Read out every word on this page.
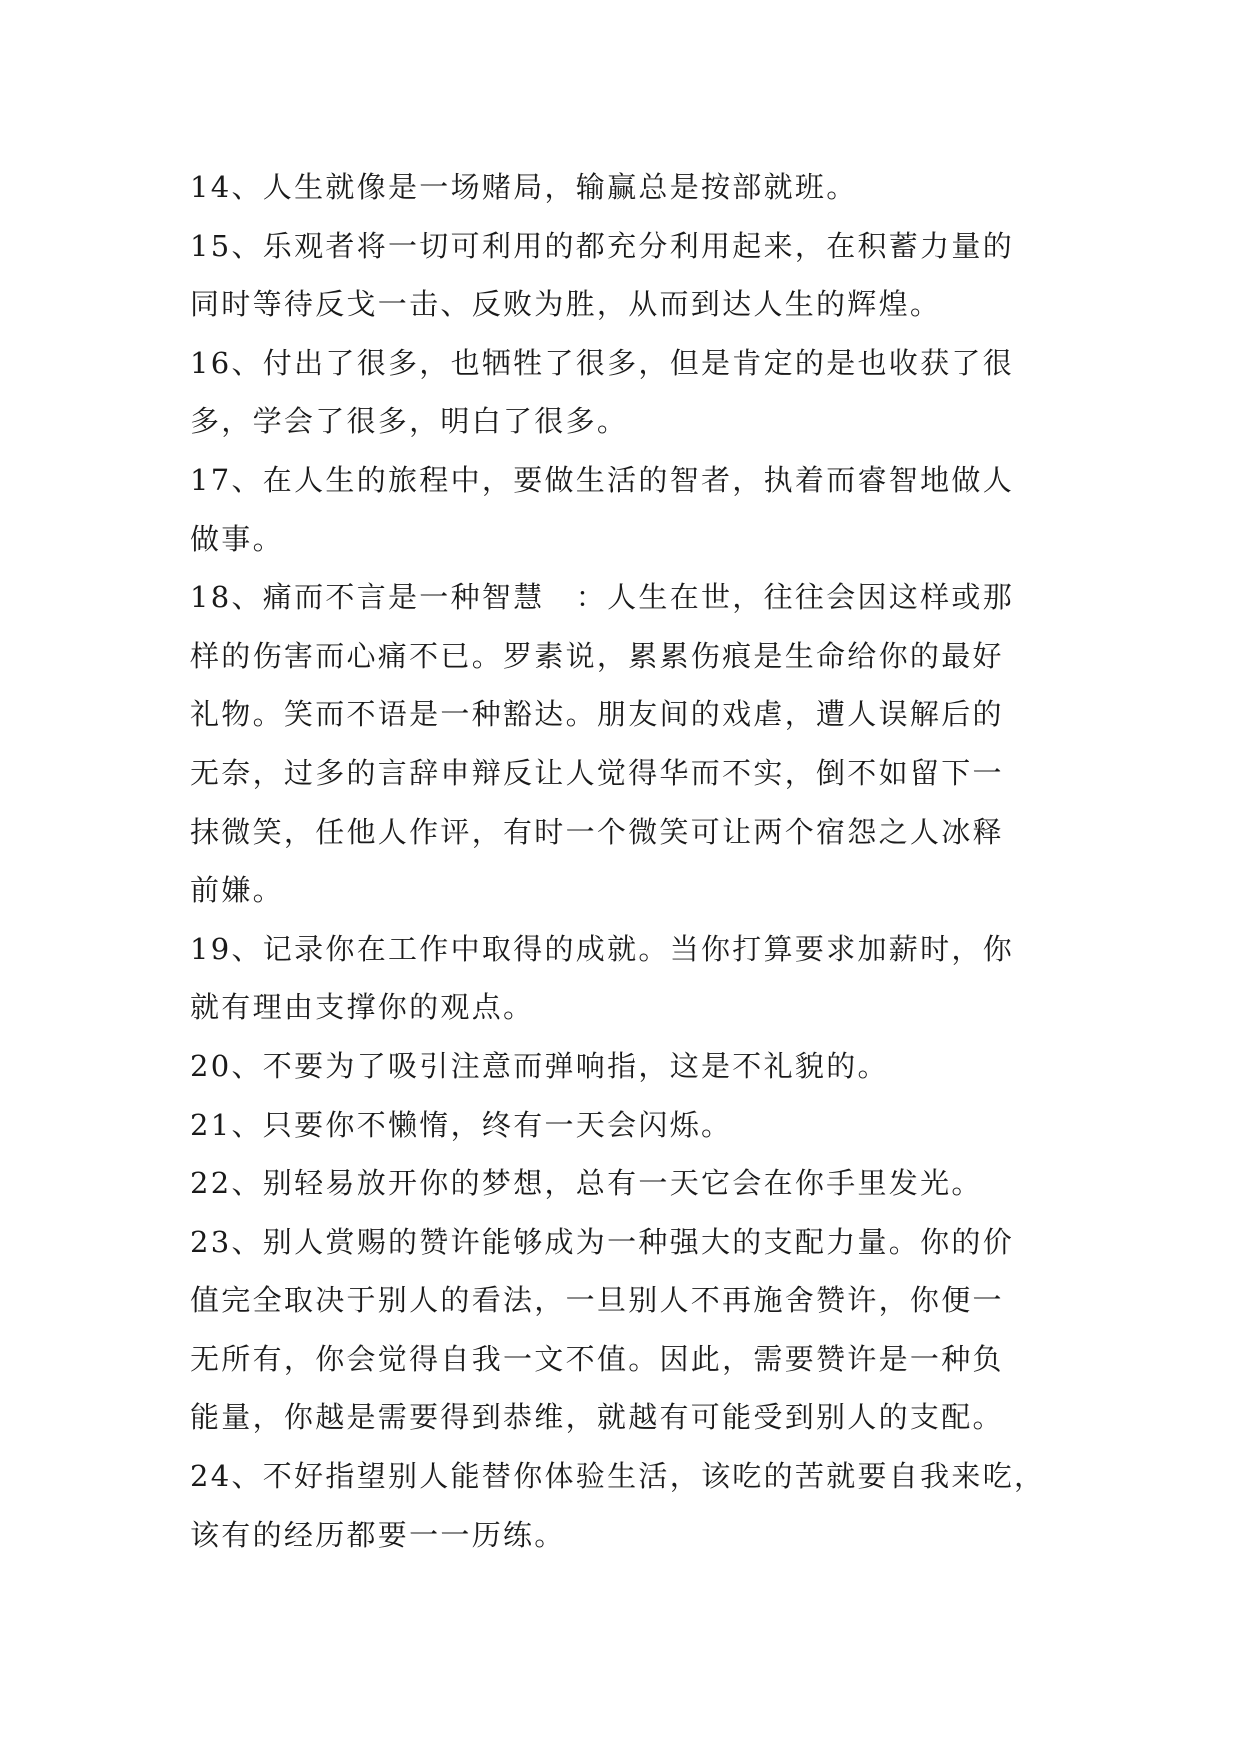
14、人生就像是一场赌局，输赢总是按部就班。
15、乐观者将一切可利用的都充分利用起来，在积蓄力量的
同时等待反戈一击、反败为胜，从而到达人生的辉煌。
16、付出了很多，也牺牲了很多，但是肯定的是也收获了很
多，学会了很多，明白了很多。
17、在人生的旅程中，要做生活的智者，执着而睿智地做人
做事。
18、痛而不言是一种智慧　：人生在世，往往会因这样或那
样的伤害而心痛不已。罗素说，累累伤痕是生命给你的最好
礼物。笑而不语是一种豁达。朋友间的戏虐，遭人误解后的
无奈，过多的言辞申辩反让人觉得华而不实，倒不如留下一
抹微笑，任他人作评，有时一个微笑可让两个宿怨之人冰释
前嫌。
19、记录你在工作中取得的成就。当你打算要求加薪时，你
就有理由支撑你的观点。
20、不要为了吸引注意而弹响指，这是不礼貌的。
21、只要你不懒惰，终有一天会闪烁。
22、别轻易放开你的梦想，总有一天它会在你手里发光。
23、别人赏赐的赞许能够成为一种强大的支配力量。你的价
值完全取决于别人的看法，一旦别人不再施舍赞许，你便一
无所有，你会觉得自我一文不值。因此，需要赞许是一种负
能量，你越是需要得到恭维，就越有可能受到别人的支配。
24、不好指望别人能替你体验生活，该吃的苦就要自我来吃，
该有的经历都要一一历练。
